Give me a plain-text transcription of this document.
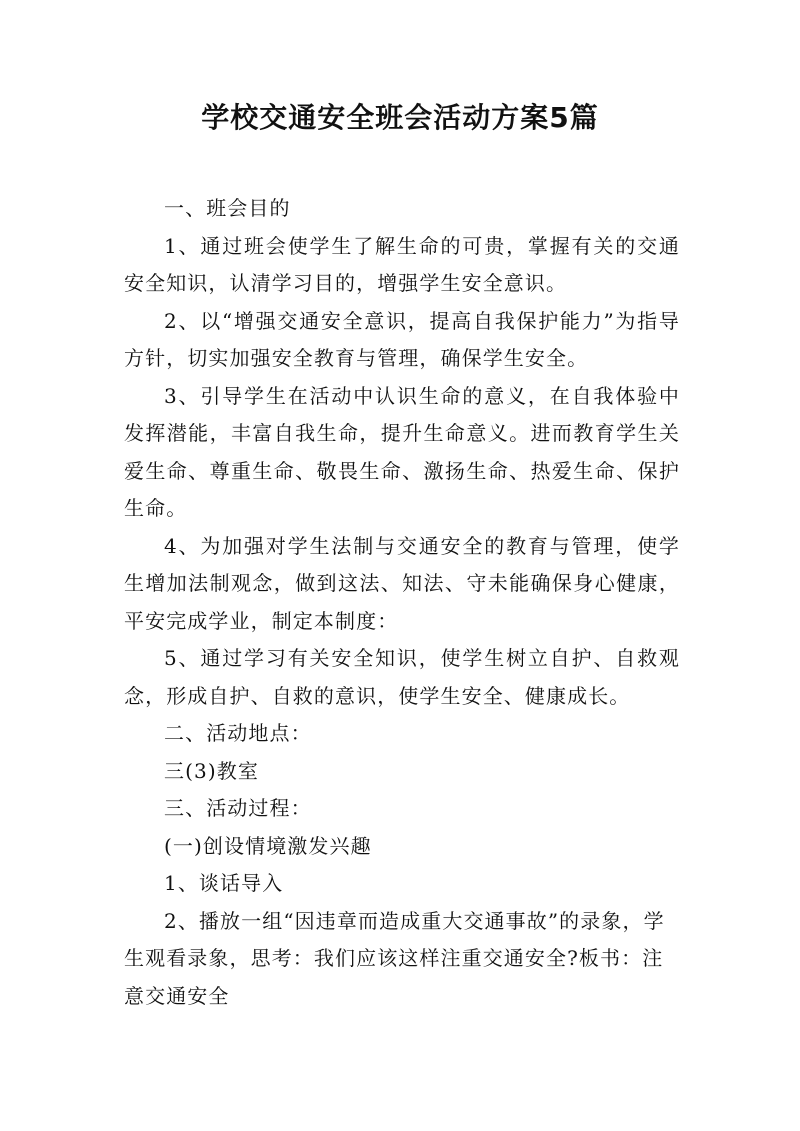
学校交通安全班会活动方案5篇

一、班会目的

1、通过班会使学生了解生命的可贵，掌握有关的交通安全知识，认清学习目的，增强学生安全意识。

2、以“增强交通安全意识，提高自我保护能力”为指导方针，切实加强安全教育与管理，确保学生安全。

3、引导学生在活动中认识生命的意义，在自我体验中发挥潜能，丰富自我生命，提升生命意义。进而教育学生关爱生命、尊重生命、敬畏生命、激扬生命、热爱生命、保护生命。

4、为加强对学生法制与交通安全的教育与管理，使学生增加法制观念，做到这法、知法、守未能确保身心健康，平安完成学业，制定本制度：

5、通过学习有关安全知识，使学生树立自护、自救观念，形成自护、自救的意识，使学生安全、健康成长。

二、活动地点：

三(3)教室

三、活动过程：

(一)创设情境激发兴趣

1、谈话导入

2、播放一组“因违章而造成重大交通事故”的录象，学生观看录象，思考：我们应该这样注重交通安全?板书：注意交通安全
